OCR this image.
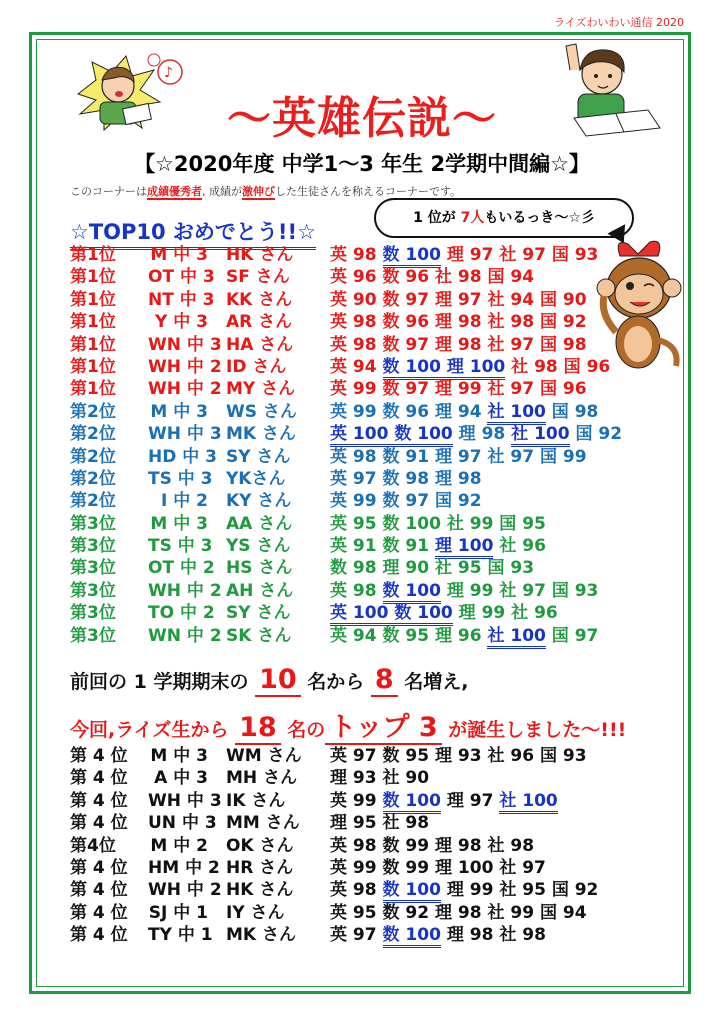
ライズわいわい通信 2020
♪
〜英雄伝説〜
【☆2020年度 中学1〜3 年生 2学期中間編☆】
このコーナーは成績優秀者, 成績が激伸びした生徒さんを称えるコーナーです。
☆TOP10 おめでとう!!☆
1 位が 7人もいるっき〜☆彡
第1位	M 中 3 HK さん 英 98 数 100 理 97 社 97 国 93
第1位	OT 中 3 SF さん 英 96 数 96 社 98 国 94
第1位	NT 中 3 KK さん 英 90 数 97 理 97 社 94 国 90
第1位	Y 中 3 AR さん 英 98 数 96 理 98 社 98 国 92
第1位	WN 中 3 HA さん 英 98 数 97 理 98 社 97 国 98
第1位	WH 中 2 ID さん	英 94 数 100 理 100 社 98 国 96
第1位	WH 中 2 MY さん 英 99 数 97 理 99 社 97 国 96
第2位	M 中 3 WS さん 英 99 数 96 理 94 社 100 国 98
第2位	WH 中 3 MK さん 英 100 数 100 理 98 社 100 国 92
第2位	HD 中 3 SY さん 英 98 数 91 理 97 社 97 国 99
第2位	TS 中 3 YKさん	英 97 数 98 理 98
第2位	I 中 2 KY さん 英 99 数 97 国 92
第3位	M 中 3 AA さん 英 95 数 100 社 99 国 95
第3位	TS 中 3 YS さん 英 91 数 91 理 100 社 96
第3位	OT 中 2 HS さん 数 98 理 90 社 95 国 93
第3位	WH 中 2 AH さん 英 98 数 100 理 99 社 97 国 93
第3位	TO 中 2 SY さん 英 100 数 100 理 99 社 96
第3位	WN 中 2 SK さん 英 94 数 95 理 96 社 100 国 97
前回の 1 学期期末の 10 名から 8 名増え,
今回,ライズ生から 18 名の トップ 3 が誕生しました〜!!!
第 4 位	M 中 3 WM さん 英 97 数 95 理 93 社 96 国 93
第 4 位	A 中 3 MH さん 理 93 社 90
第 4 位	WH 中 3 IK さん	英 99 数 100 理 97 社 100
第 4 位	UN 中 3 MM さん 理 95 社 98
第4位	M 中 2 OK さん 英 98 数 99 理 98 社 98
第 4 位	HM 中 2 HR さん 英 99 数 99 理 100 社 97
第 4 位	WH 中 2 HK さん 英 98 数 100 理 99 社 95 国 92
第 4 位	SJ 中 1 IY さん	英 95 数 92 理 98 社 99 国 94
第 4 位	TY 中 1 MK さん 英 97 数 100 理 98 社 98
